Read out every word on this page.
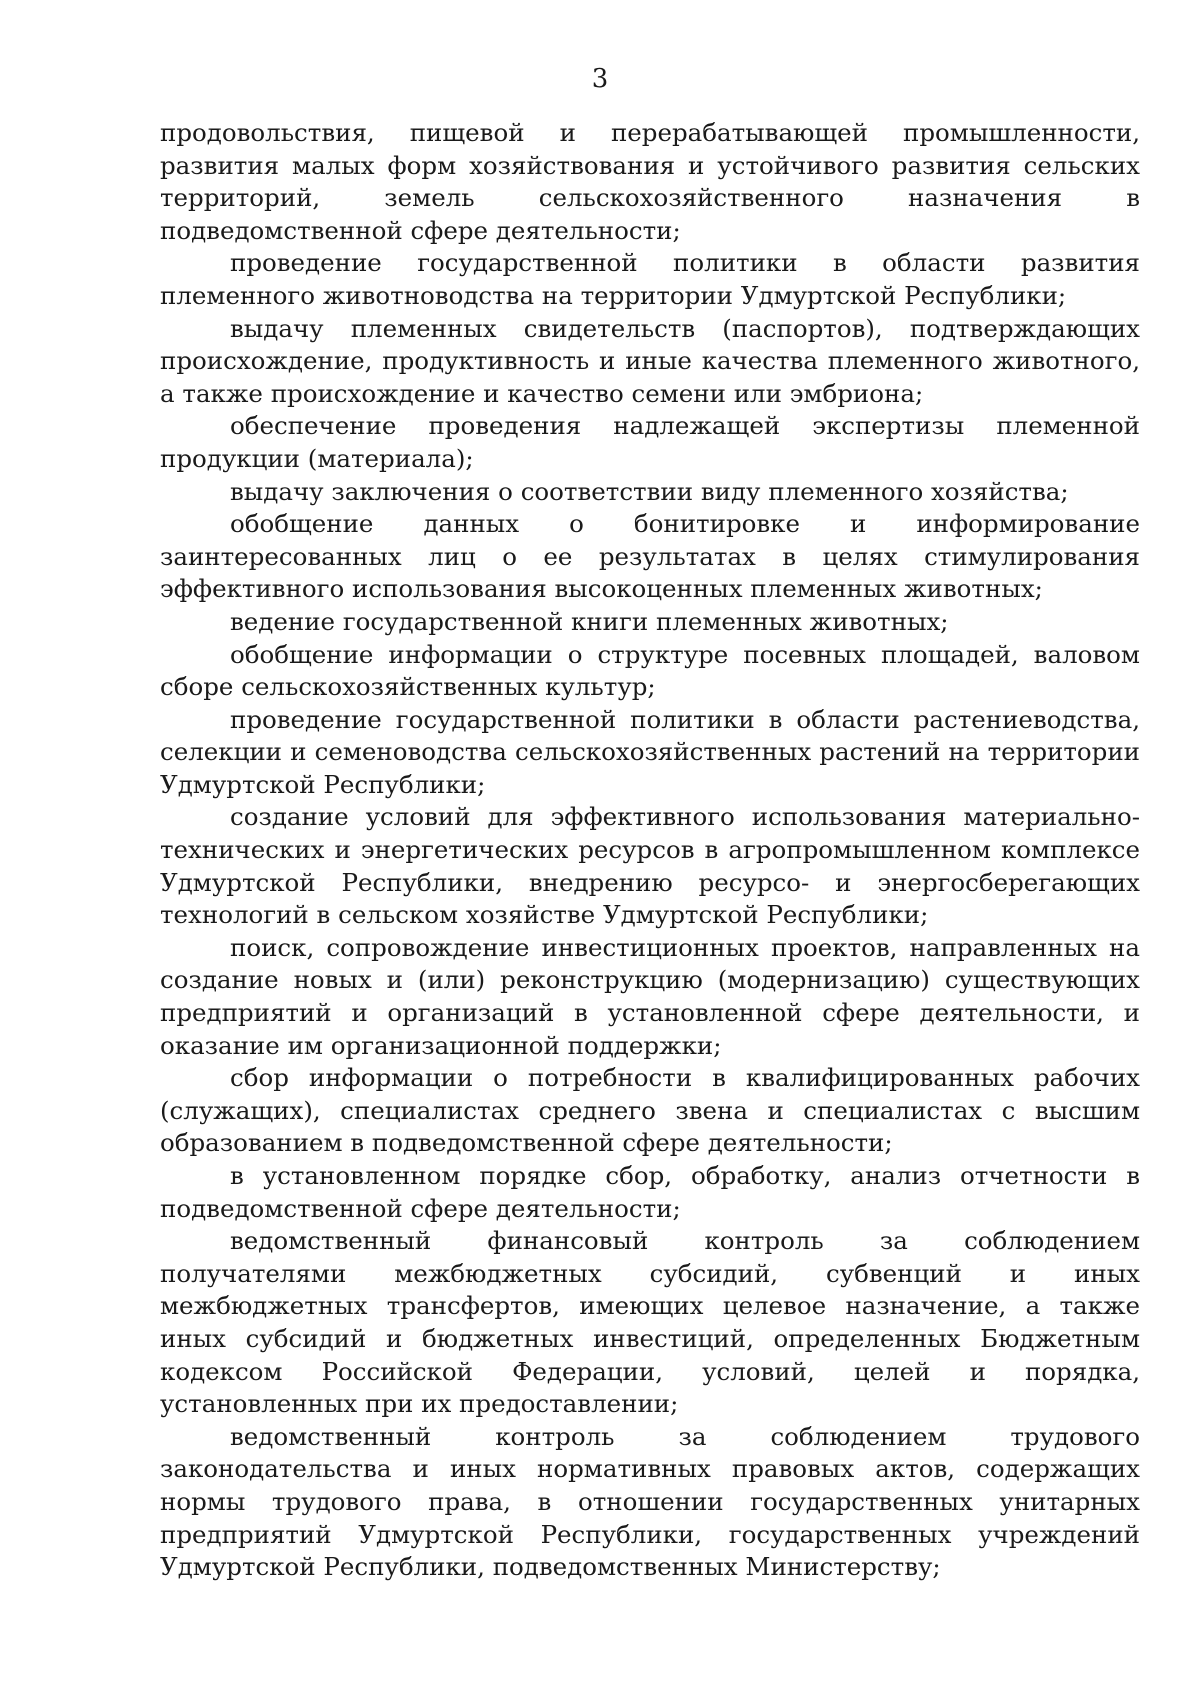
3

продовольствия, пищевой и перерабатывающей промышленности, развития малых форм хозяйствования и устойчивого развития сельских территорий, земель сельскохозяйственного назначения в подведомственной сфере деятельности;

проведение государственной политики в области развития племенного животноводства на территории Удмуртской Республики;

выдачу племенных свидетельств (паспортов), подтверждающих происхождение, продуктивность и иные качества племенного животного, а также происхождение и качество семени или эмбриона;

обеспечение проведения надлежащей экспертизы племенной продукции (материала);

выдачу заключения о соответствии виду племенного хозяйства;

обобщение данных о бонитировке и информирование заинтересованных лиц о ее результатах в целях стимулирования эффективного использования высокоценных племенных животных;

ведение государственной книги племенных животных;

обобщение информации о структуре посевных площадей, валовом сборе сельскохозяйственных культур;

проведение государственной политики в области растениеводства, селекции и семеноводства сельскохозяйственных растений на территории Удмуртской Республики;

создание условий для эффективного использования материально-технических и энергетических ресурсов в агропромышленном комплексе Удмуртской Республики, внедрению ресурсо- и энергосберегающих технологий в сельском хозяйстве Удмуртской Республики;

поиск, сопровождение инвестиционных проектов, направленных на создание новых и (или) реконструкцию (модернизацию) существующих предприятий и организаций в установленной сфере деятельности, и оказание им организационной поддержки;

сбор информации о потребности в квалифицированных рабочих (служащих), специалистах среднего звена и специалистах с высшим образованием в подведомственной сфере деятельности;

в установленном порядке сбор, обработку, анализ отчетности в подведомственной сфере деятельности;

ведомственный финансовый контроль за соблюдением получателями межбюджетных субсидий, субвенций и иных межбюджетных трансфертов, имеющих целевое назначение, а также иных субсидий и бюджетных инвестиций, определенных Бюджетным кодексом Российской Федерации, условий, целей и порядка, установленных при их предоставлении;

ведомственный контроль за соблюдением трудового законодательства и иных нормативных правовых актов, содержащих нормы трудового права, в отношении государственных унитарных предприятий Удмуртской Республики, государственных учреждений Удмуртской Республики, подведомственных Министерству;
